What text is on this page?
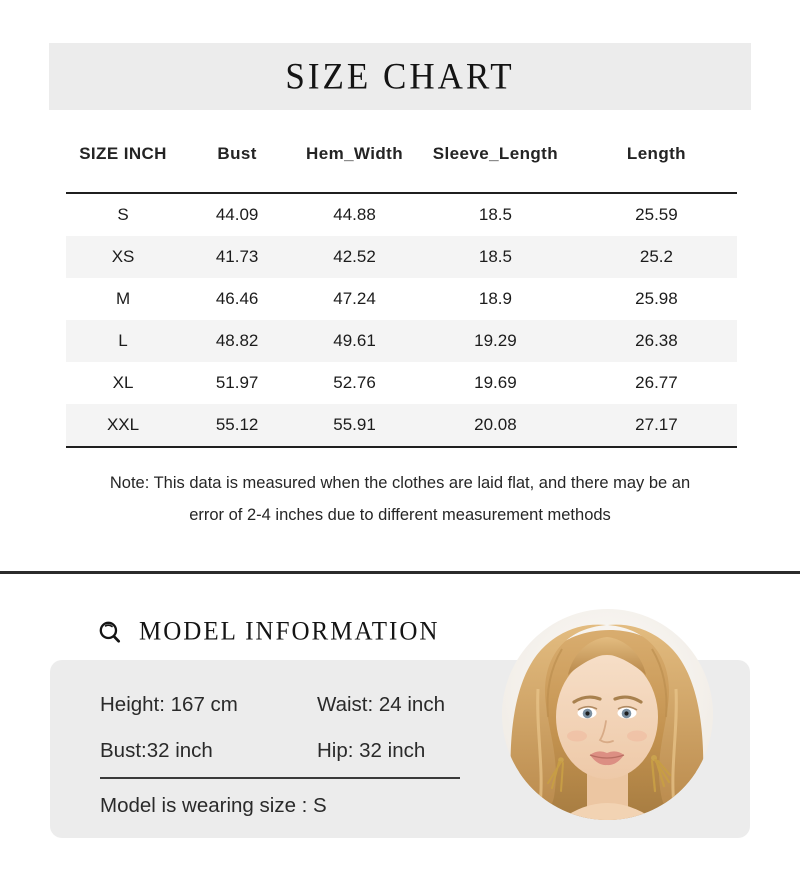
SIZE CHART
SIZE INCH	Bust	Hem_Width	Sleeve_Length	Length
S	44.09	44.88	18.5	25.59
XS	41.73	42.52	18.5	25.2
M	46.46	47.24	18.9	25.98
L	48.82	49.61	19.29	26.38
XL	51.97	52.76	19.69	26.77
XXL	55.12	55.91	20.08	27.17
Note: This data is measured when the clothes are laid flat, and there may be an
error of 2-4 inches due to different measurement methods
MODEL INFORMATION
Height: 167 cm	Waist: 24 inch
Bust:32 inch	Hip: 32 inch
Model is wearing size : S
